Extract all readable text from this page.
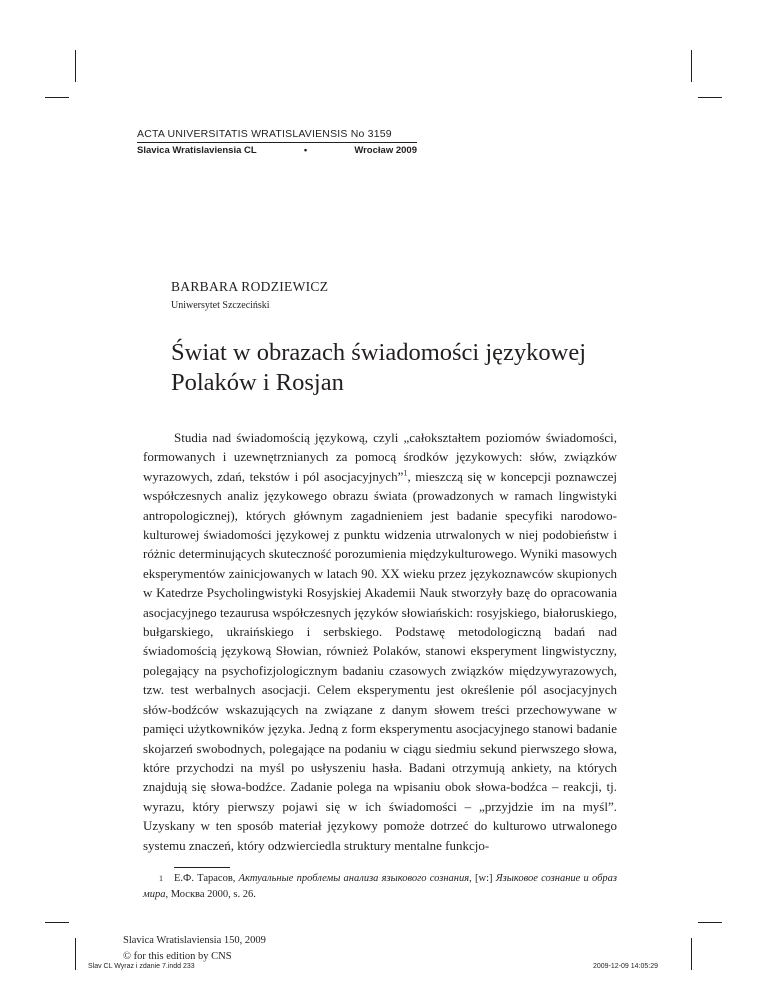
ACTA UNIVERSITATIS WRATISLAVIENSIS No 3159
Slavica Wratislaviensia CL	•	Wrocław 2009
BARBARA RODZIEWICZ
Uniwersytet Szczeciński
Świat w obrazach świadomości językowej
Polaków i Rosjan

Studia nad świadomością językową, czyli „całokształtem poziomów świadomości, formowanych i uzewnętrznianych za pomocą środków językowych: słów, związków wyrazowych, zdań, tekstów i pól asocjacyjnych”$^1$, mieszczą się w koncepcji poznawczej współczesnych analiz językowego obrazu świata (prowadzonych w ramach lingwistyki antropologicznej), których głównym zagadnieniem jest badanie specyfiki narodowo-kulturowej świadomości językowej z punktu widzenia utrwalonych w niej podobieństw i różnic determinujących skuteczność porozumienia międzykulturowego. Wyniki masowych eksperymentów zainicjowanych w latach 90. XX wieku przez językoznawców skupionych w Katedrze Psycholingwistyki Rosyjskiej Akademii Nauk stworzyły bazę do opracowania asocjacyjnego tezaurusa współczesnych języków słowiańskich: rosyjskiego, białoruskiego, bułgarskiego, ukraińskiego i serbskiego. Podstawę metodologiczną badań nad świadomością językową Słowian, również Polaków, stanowi eksperyment lingwistyczny, polegający na psychofizjologicznym badaniu czasowych związków międzywyrazowych, tzw. test werbalnych asocjacji. Celem eksperymentu jest określenie pól asocjacyjnych słów-bodźców wskazujących na związane z danym słowem treści przechowywane w pamięci użytkowników języka. Jedną z form eksperymentu asocjacyjnego stanowi badanie skojarzeń swobodnych, polegające na podaniu w ciągu siedmiu sekund pierwszego słowa, które przychodzi na myśl po usłyszeniu hasła. Badani otrzymują ankiety, na których znajdują się słowa-bodźce. Zadanie polega na wpisaniu obok słowa-bodźca – reakcji, tj. wyrazu, który pierwszy pojawi się w ich świadomości – „przyjdzie im na myśl”. Uzyskany w ten sposób materiał językowy pomoże dotrzeć do kulturowo utrwalonego systemu znaczeń, który odzwierciedla struktury mentalne funkcjo-

1 Е.Ф. Тарасов, Актуальные проблемы анализа языкового сознания, [w:] Языковое сознание и образ мира, Москва 2000, s. 26.
Slavica Wratislaviensia 150, 2009
© for this edition by CNS
Slav CL Wyraz i zdanie 7.indd 233	2009-12-09 14:05:29
